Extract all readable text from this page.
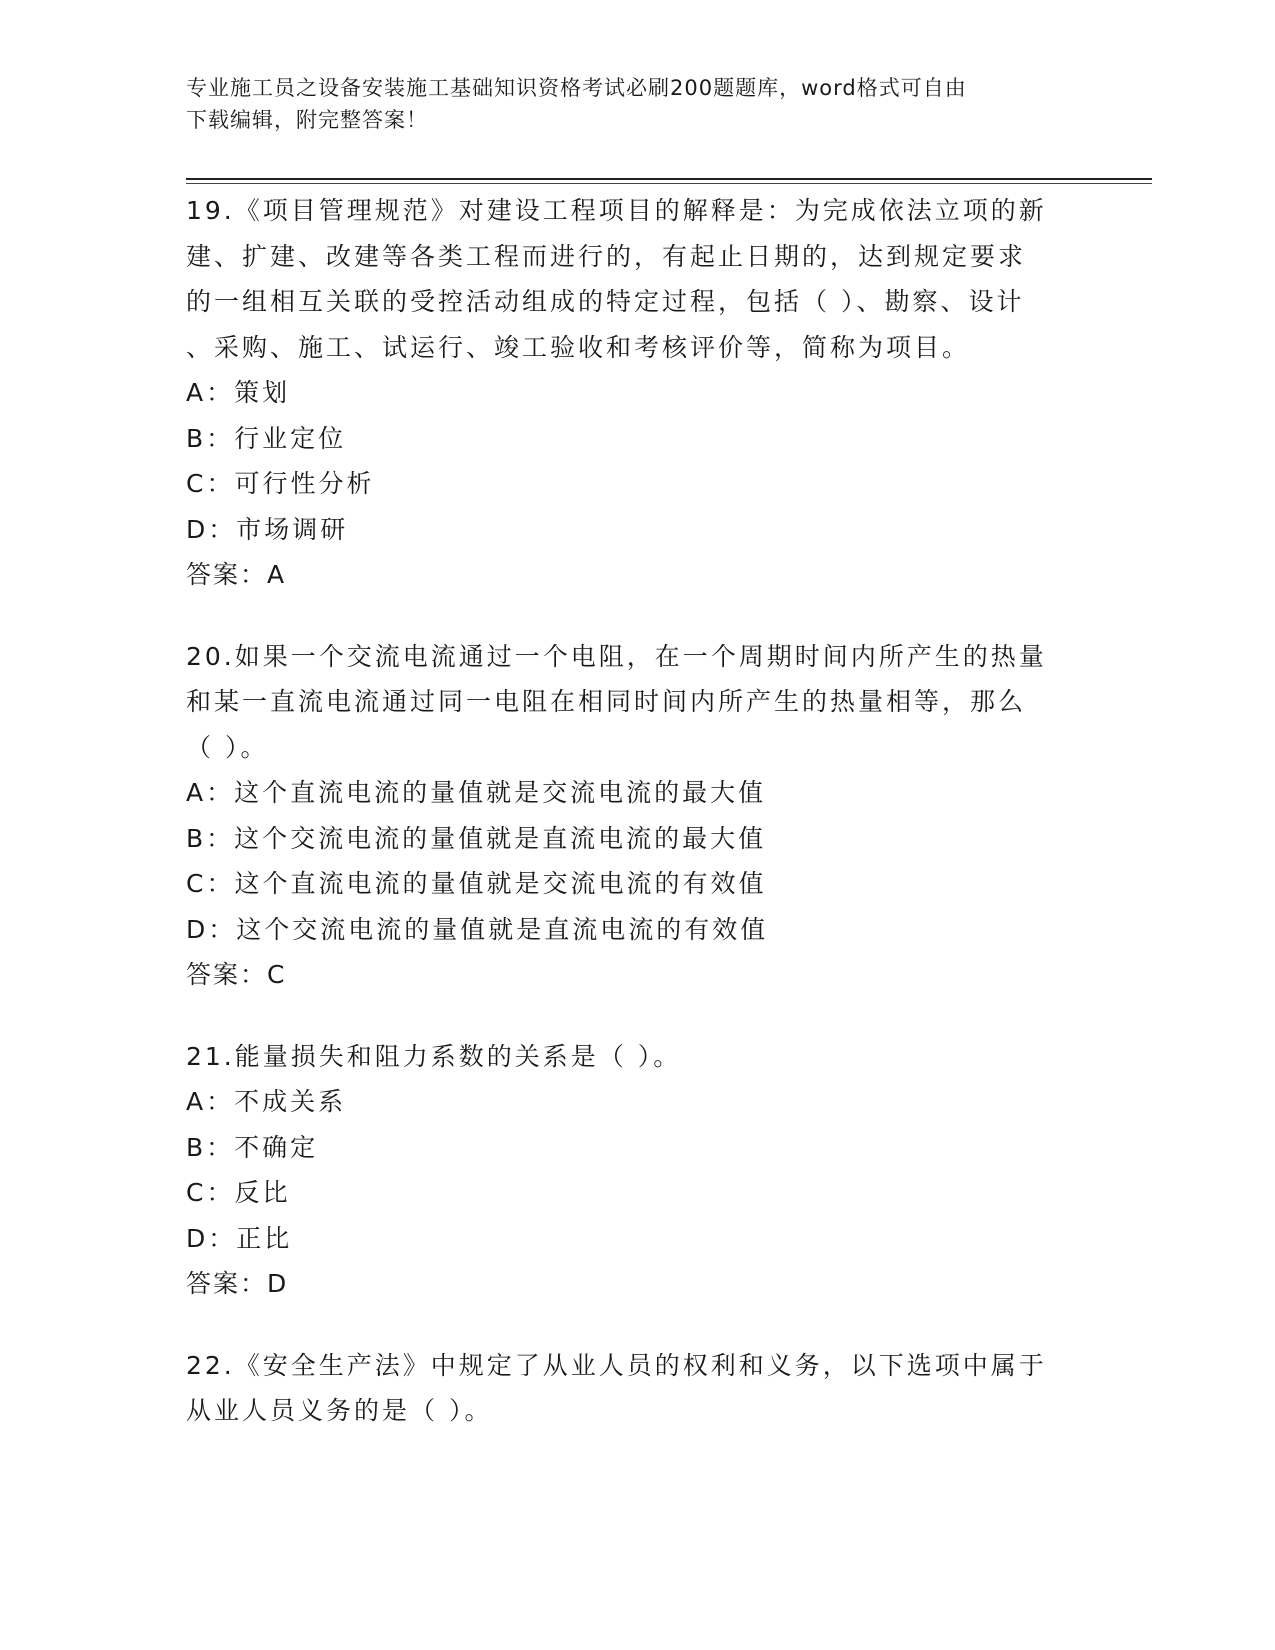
专业施工员之设备安装施工基础知识资格考试必刷200题题库，word格式可自由
下载编辑，附完整答案！
19.《项目管理规范》对建设工程项目的解释是：为完成依法立项的新
建、扩建、改建等各类工程而进行的，有起止日期的，达到规定要求
的一组相互关联的受控活动组成的特定过程，包括（ ）、勘察、设计
、采购、施工、试运行、竣工验收和考核评价等，简称为项目。
A：策划
B：行业定位
C：可行性分析
D：市场调研
答案：A
20.如果一个交流电流通过一个电阻，在一个周期时间内所产生的热量
和某一直流电流通过同一电阻在相同时间内所产生的热量相等，那么
（ ）。
A：这个直流电流的量值就是交流电流的最大值
B：这个交流电流的量值就是直流电流的最大值
C：这个直流电流的量值就是交流电流的有效值
D：这个交流电流的量值就是直流电流的有效值
答案：C
21.能量损失和阻力系数的关系是（ ）。
A：不成关系
B：不确定
C：反比
D：正比
答案：D
22.《安全生产法》中规定了从业人员的权利和义务，以下选项中属于
从业人员义务的是（ ）。
